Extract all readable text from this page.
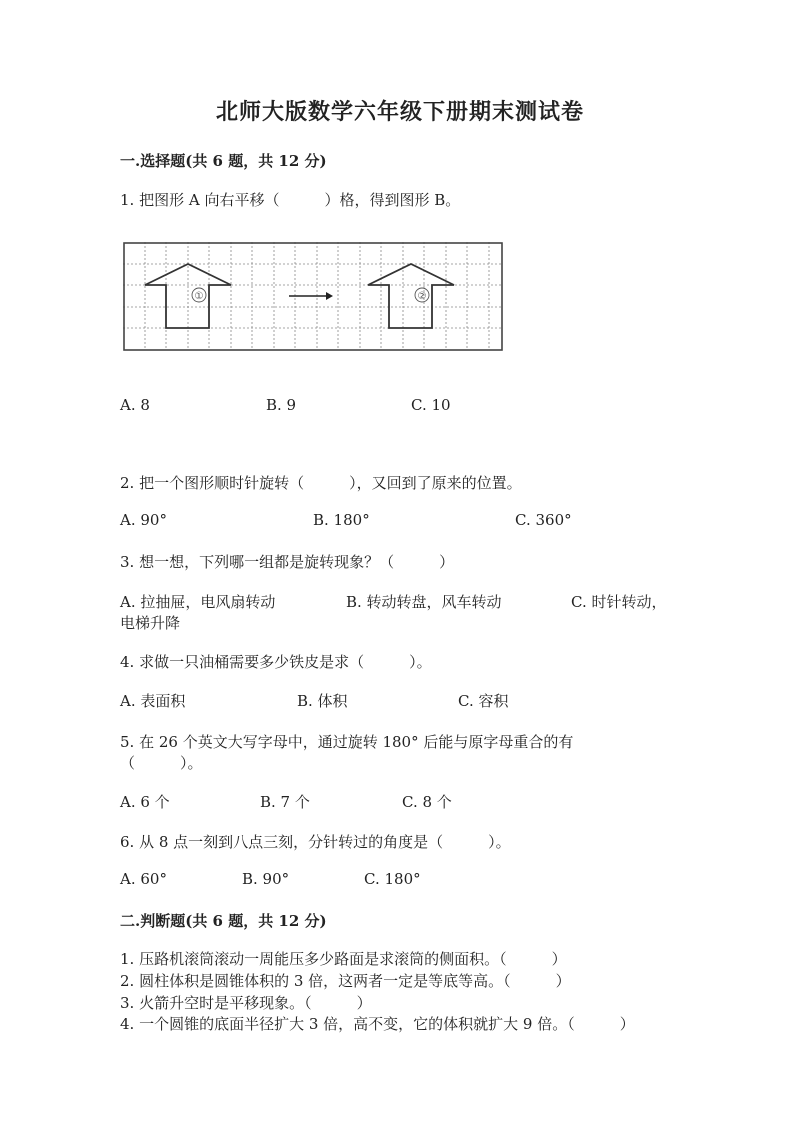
北师大版数学六年级下册期末测试卷
一.选择题(共 6 题，共 12 分)
1. 把图形 A 向右平移（　　　）格，得到图形 B。
①	②
A. 8	B. 9	C. 10
2. 把一个图形顺时针旋转（　　　），又回到了原来的位置。
A. 90°	B. 180°	C. 360°
3. 想一想，下列哪一组都是旋转现象？（　　　）
A. 拉抽屉，电风扇转动	B. 转动转盘，风车转动	C. 时针转动，
电梯升降
4. 求做一只油桶需要多少铁皮是求（　　　）。
A. 表面积	B. 体积	C. 容积
5. 在 26 个英文大写字母中，通过旋转 180° 后能与原字母重合的有
（　　　）。
A. 6 个	B. 7 个	C. 8 个
6. 从 8 点一刻到八点三刻，分针转过的角度是（　　　）。
A. 60°	B. 90°	C. 180°
二.判断题(共 6 题，共 12 分)
1. 压路机滚筒滚动一周能压多少路面是求滚筒的侧面积。（　　　）
2. 圆柱体积是圆锥体积的 3 倍，这两者一定是等底等高。（　　　）
3. 火箭升空时是平移现象。（　　　）
4. 一个圆锥的底面半径扩大 3 倍，高不变，它的体积就扩大 9 倍。（　　　）
